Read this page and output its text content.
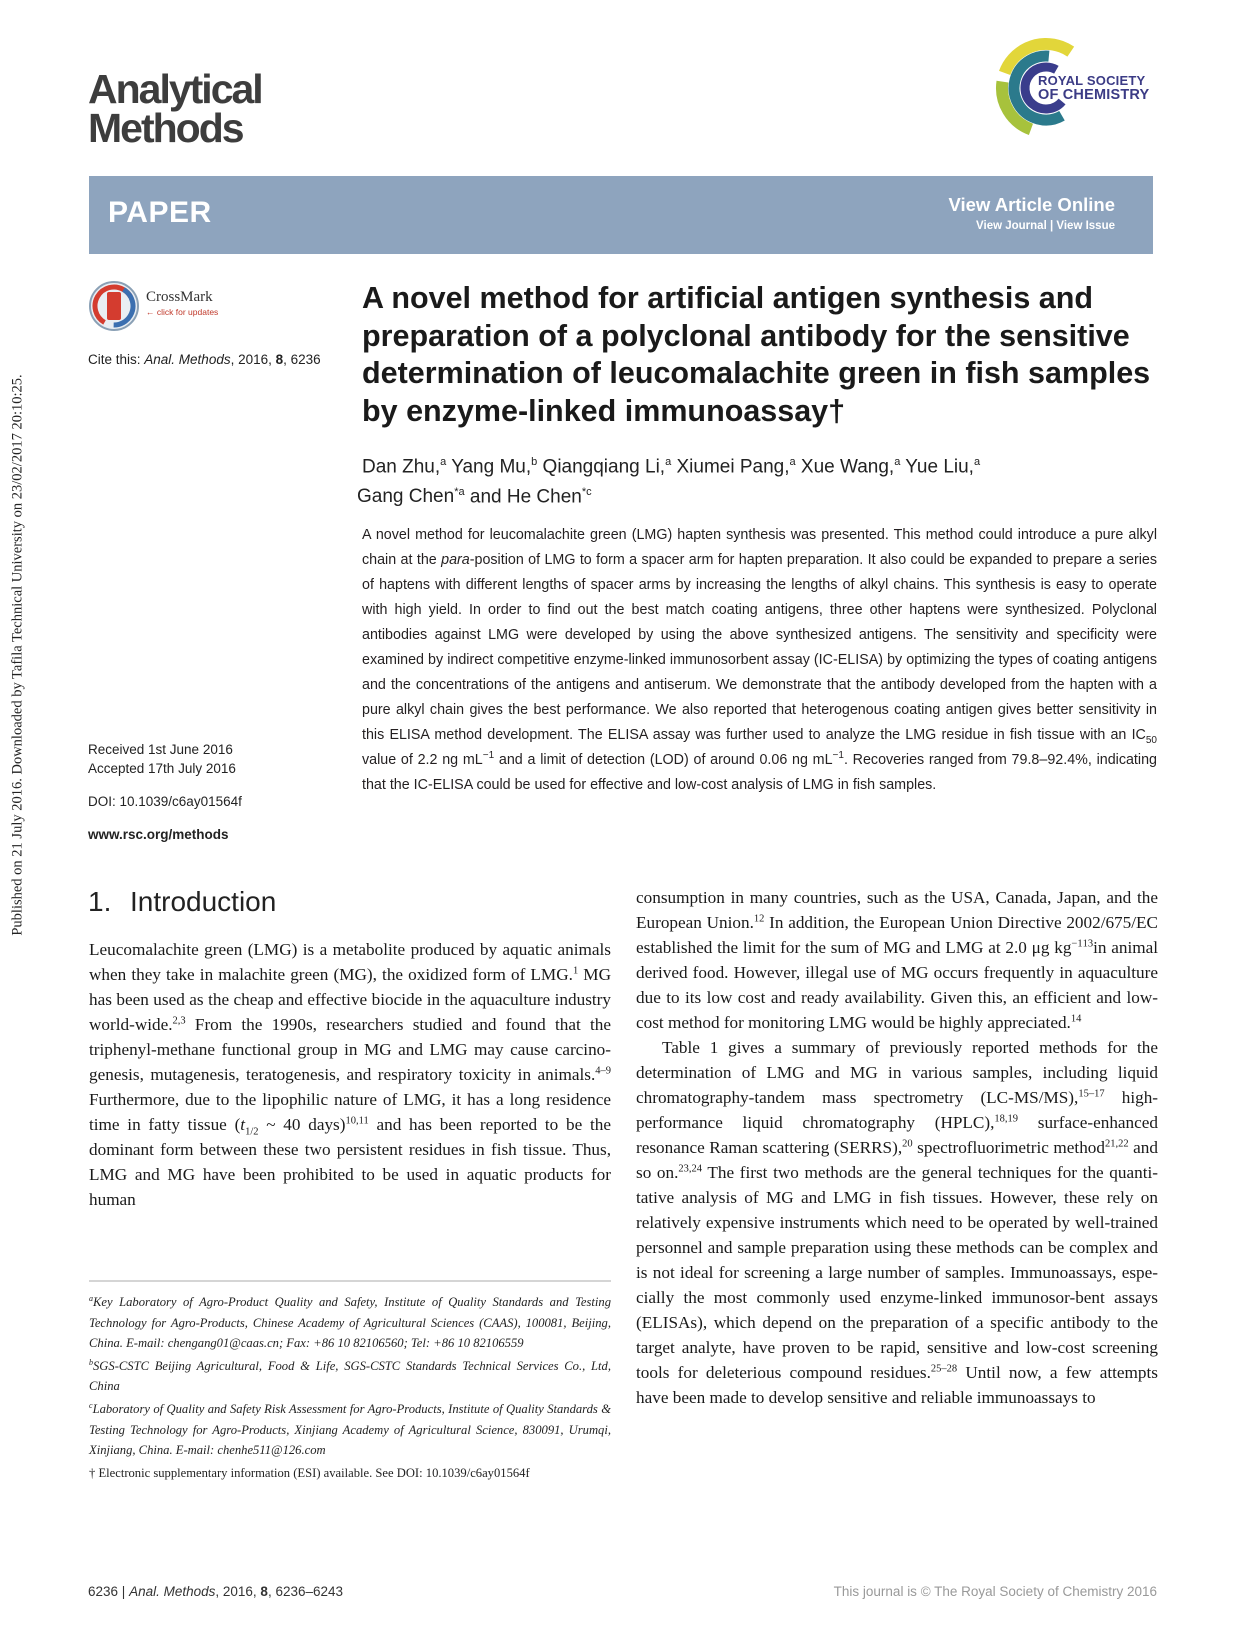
Published on 21 July 2016. Downloaded by Tafila Technical University on 23/02/2017 20:10:25.
Analytical
Methods
ROYAL SOCIETY
OF CHEMISTRY
PAPER	View Article Online
View Journal | View Issue
CrossMark
← click for updates
Cite this: Anal. Methods, 2016, 8, 6236
A novel method for artificial antigen synthesis and preparation of a polyclonal antibody for the sensitive determination of leucomalachite green in fish samples by enzyme-linked immunoassay†
Dan Zhu,$^a$ Yang Mu,$^b$ Qiangqiang Li,$^a$ Xiumei Pang,$^a$ Xue Wang,$^a$ Yue Liu,$^a$
Gang Chen$^{*a}$ and He Chen$^{*c}$
A novel method for leucomalachite green (LMG) hapten synthesis was presented. This method could introduce a pure alkyl chain at the para-position of LMG to form a spacer arm for hapten preparation. It also could be expanded to prepare a series of haptens with different lengths of spacer arms by increasing the lengths of alkyl chains. This synthesis is easy to operate with high yield. In order to find out the best match coating antigens, three other haptens were synthesized. Polyclonal antibodies against LMG were developed by using the above synthesized antigens. The sensitivity and specificity were examined by indirect competitive enzyme-linked immunosorbent assay (IC-ELISA) by optimizing the types of coating antigens and the concentrations of the antigens and antiserum. We demonstrate that the antibody developed from the hapten with a pure alkyl chain gives the best performance. We also reported that heterogenous coating antigen gives better sensitivity in this ELISA method development. The ELISA assay was further used to analyze the LMG residue in fish tissue with an $IC_{50}$ value of 2.2 ng $mL^{-1}$ and a limit of detection (LOD) of around 0.06 ng $mL^{-1}$. Recoveries ranged from 79.8–92.4%, indicating that the IC-ELISA could be used for effective and low-cost analysis of LMG in fish samples.
Received 1st June 2016
Accepted 17th July 2016
DOI: 10.1039/c6ay01564f
www.rsc.org/methods
1. Introduction
Leucomalachite green (LMG) is a metabolite produced by aquatic animals when they take in malachite green (MG), the oxidized form of LMG.$^1$ MG has been used as the cheap and effective biocide in the aquaculture industry world-wide.$^{2,3}$ From the 1990s, researchers studied and found that the triphenyl-methane functional group in MG and LMG may cause carcino-genesis, mutagenesis, teratogenesis, and respiratory toxicity in animals.$^{4-9}$ Furthermore, due to the lipophilic nature of LMG, it has a long residence time in fatty tissue ($t_{1/2}$ ~ 40 days)$^{10,11}$ and has been reported to be the dominant form between these two persistent residues in fish tissue. Thus, LMG and MG have been prohibited to be used in aquatic products for human

$^a$Key Laboratory of Agro-Product Quality and Safety, Institute of Quality Standards and Testing Technology for Agro-Products, Chinese Academy of Agricultural Sciences (CAAS), 100081, Beijing, China. E-mail: chengang01@caas.cn; Fax: +86 10 82106560; Tel: +86 10 82106559

$^b$SGS-CSTC Beijing Agricultural, Food & Life, SGS-CSTC Standards Technical Services Co., Ltd, China

$^c$Laboratory of Quality and Safety Risk Assessment for Agro-Products, Institute of Quality Standards & Testing Technology for Agro-Products, Xinjiang Academy of Agricultural Science, 830091, Urumqi, Xinjiang, China. E-mail: chenhe511@126.com

† Electronic supplementary information (ESI) available. See DOI: 10.1039/c6ay01564f

consumption in many countries, such as the USA, Canada, Japan, and the European Union.$^{12}$ In addition, the European Union Directive 2002/675/EC established the limit for the sum of MG and LMG at 2.0 μg $kg^{-113}in$ animal derived food. However, illegal use of MG occurs frequently in aquaculture due to its low cost and ready availability. Given this, an efficient and low-cost method for monitoring LMG would be highly appreciated.$^{14}$
Table 1 gives a summary of previously reported methods for the determination of LMG and MG in various samples, including liquid chromatography-tandem mass spectrometry (LC-MS/MS),$^{15-17}$ high-performance liquid chromatography (HPLC),$^{18,19}$ surface-enhanced resonance Raman scattering (SERRS),$^{20}$ spectrofluorimetric method$^{21,22}$ and so on.$^{23,24}$ The first two methods are the general techniques for the quanti-tative analysis of MG and LMG in fish tissues. However, these rely on relatively expensive instruments which need to be operated by well-trained personnel and sample preparation using these methods can be complex and is not ideal for screening a large number of samples. Immunoassays, espe-cially the most commonly used enzyme-linked immunosor-bent assays (ELISAs), which depend on the preparation of a specific antibody to the target analyte, have proven to be rapid, sensitive and low-cost screening tools for deleterious compound residues.$^{25-28}$ Until now, a few attempts have been made to develop sensitive and reliable immunoassays to
6236 | Anal. Methods, 2016, 8, 6236–6243	This journal is © The Royal Society of Chemistry 2016
